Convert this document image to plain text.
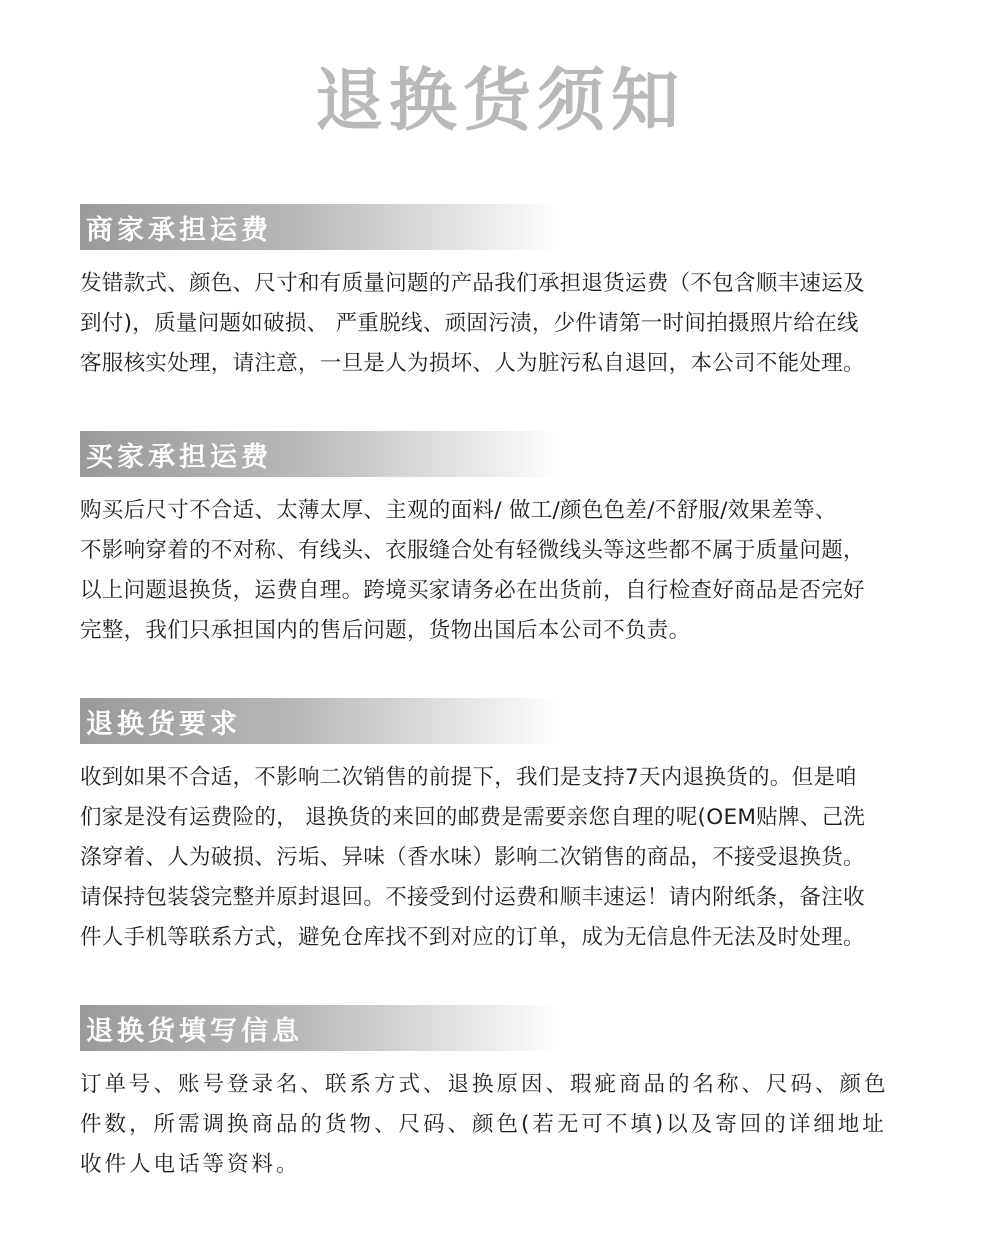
退换货须知
商家承担运费

发错款式、颜色、尺寸和有质量问题的产品我们承担退货运费（不包含顺丰速运及

到付)，质量问题如破损、 严重脱线、顽固污渍，少件请第一时间拍摄照片给在线

客服核实处理，请注意，一旦是人为损坏、人为脏污私自退回，本公司不能处理。

买家承担运费

购买后尺寸不合适、太薄太厚、主观的面料/ 做工/颜色色差/不舒服/效果差等、

不影响穿着的不对称、有线头、衣服缝合处有轻微线头等这些都不属于质量问题，

以上问题退换货，运费自理。跨境买家请务必在出货前，自行检查好商品是否完好

完整，我们只承担国内的售后问题，货物出国后本公司不负责。

退换货要求

收到如果不合适，不影响二次销售的前提下，我们是支持7天内退换货的。但是咱

们家是没有运费险的， 退换货的来回的邮费是需要亲您自理的呢(OEM贴牌、己洗

涤穿着、人为破损、污垢、异味（香水味）影响二次销售的商品，不接受退换货。

请保持包装袋完整并原封退回。不接受到付运费和顺丰速运！请内附纸条，备注收

件人手机等联系方式，避免仓库找不到对应的订单，成为无信息件无法及时处理。

退换货填写信息

订单号、账号登录名、联系方式、退换原因、瑕疵商品的名称、尺码、颜色

件数，所需调换商品的货物、尺码、颜色(若无可不填)以及寄回的详细地址

收件人电话等资料。
